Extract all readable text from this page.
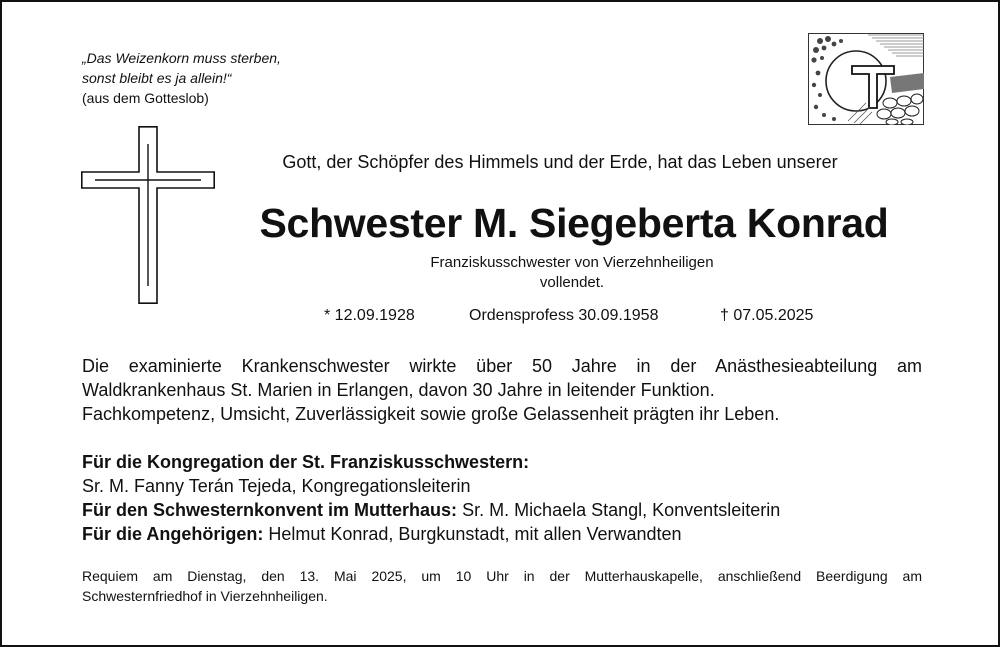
„Das Weizenkorn muss sterben,
sonst bleibt es ja allein!“
(aus dem Gotteslob)
Gott, der Schöpfer des Himmels und der Erde, hat das Leben unserer
Schwester M. Siegeberta Konrad
Franziskusschwester von Vierzehnheiligen
vollendet.
* 12.09.1928	Ordensprofess 30.09.1958	† 07.05.2025
Die examinierte Krankenschwester wirkte über 50 Jahre in der Anästhesieabteilung am
Waldkrankenhaus St. Marien in Erlangen, davon 30 Jahre in leitender Funktion.
Fachkompetenz, Umsicht, Zuverlässigkeit sowie große Gelassenheit prägten ihr Leben.
Für die Kongregation der St. Franziskusschwestern:
Sr. M. Fanny Terán Tejeda, Kongregationsleiterin
Für den Schwesternkonvent im Mutterhaus: Sr. M. Michaela Stangl, Konventsleiterin
Für die Angehörigen: Helmut Konrad, Burgkunstadt, mit allen Verwandten
Requiem am Dienstag, den 13. Mai 2025, um 10 Uhr in der Mutterhauskapelle, anschließend Beerdigung am
Schwesternfriedhof in Vierzehnheiligen.
